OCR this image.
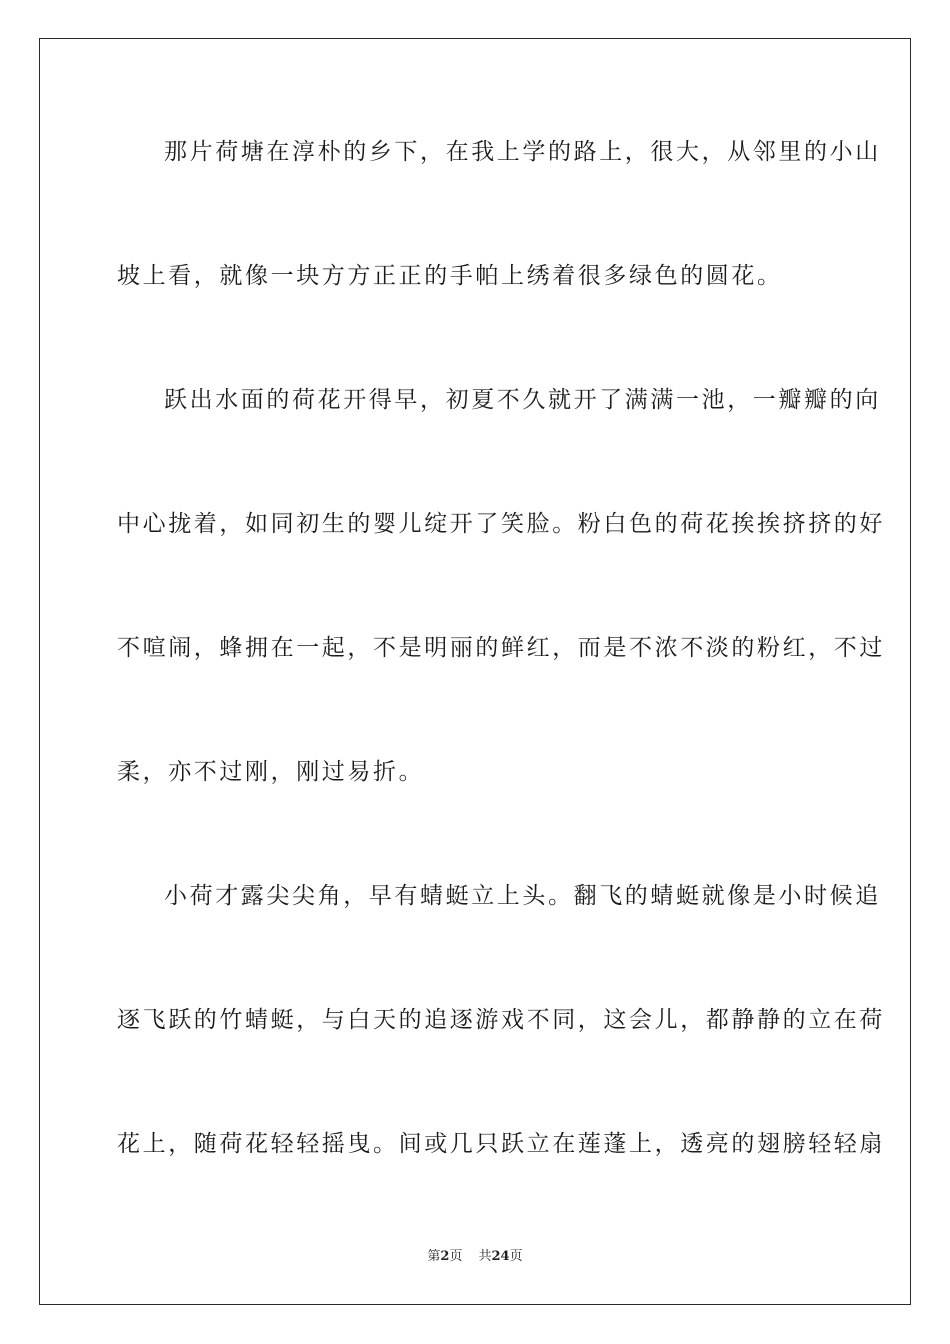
那片荷塘在淳朴的乡下，在我上学的路上，很大，从邻里的小山
坡上看，就像一块方方正正的手帕上绣着很多绿色的圆花。
跃出水面的荷花开得早，初夏不久就开了满满一池，一瓣瓣的向
中心拢着，如同初生的婴儿绽开了笑脸。粉白色的荷花挨挨挤挤的好
不喧闹，蜂拥在一起，不是明丽的鲜红，而是不浓不淡的粉红，不过
柔，亦不过刚，刚过易折。
小荷才露尖尖角，早有蜻蜓立上头。翻飞的蜻蜓就像是小时候追
逐飞跃的竹蜻蜓，与白天的追逐游戏不同，这会儿，都静静的立在荷
花上，随荷花轻轻摇曳。间或几只跃立在莲蓬上，透亮的翅膀轻轻扇
第2页 共24页
